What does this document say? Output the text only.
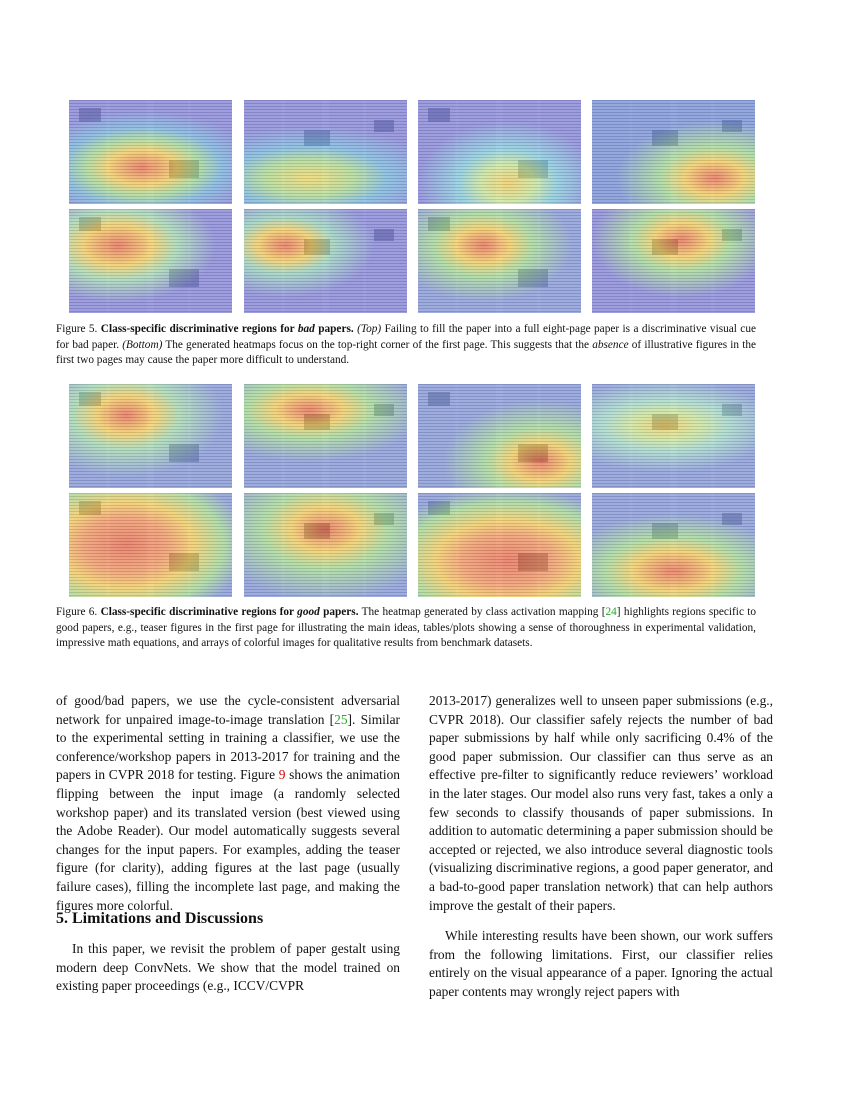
Figure 5. Class-specific discriminative regions for bad papers. (Top) Failing to fill the paper into a full eight-page paper is a discriminative visual cue for bad paper. (Bottom) The generated heatmaps focus on the top-right corner of the first page. This suggests that the absence of illustrative figures in the first two pages may cause the paper more difficult to understand.
Figure 6. Class-specific discriminative regions for good papers. The heatmap generated by class activation mapping [24] highlights regions specific to good papers, e.g., teaser figures in the first page for illustrating the main ideas, tables/plots showing a sense of thoroughness in experimental validation, impressive math equations, and arrays of colorful images for qualitative results from benchmark datasets.

of good/bad papers, we use the cycle-consistent adversarial network for unpaired image-to-image translation [25]. Similar to the experimental setting in training a classifier, we use the conference/workshop papers in 2013-2017 for training and the papers in CVPR 2018 for testing. Figure 9 shows the animation flipping between the input image (a randomly selected workshop paper) and its translated version (best viewed using the Adobe Reader). Our model automatically suggests several changes for the input papers. For examples, adding the teaser figure (for clarity), adding figures at the last page (usually failure cases), filling the incomplete last page, and making the figures more colorful.

5. Limitations and Discussions

In this paper, we revisit the problem of paper gestalt using modern deep ConvNets. We show that the model trained on existing paper proceedings (e.g., ICCV/CVPR

2013-2017) generalizes well to unseen paper submissions (e.g., CVPR 2018). Our classifier safely rejects the number of bad paper submissions by half while only sacrificing 0.4% of the good paper submission. Our classifier can thus serve as an effective pre-filter to significantly reduce reviewers’ workload in the later stages. Our model also runs very fast, takes a only a few seconds to classify thousands of paper submissions. In addition to automatic determining a paper submission should be accepted or rejected, we also introduce several diagnostic tools (visualizing discriminative regions, a good paper generator, and a bad-to-good paper translation network) that can help authors improve the gestalt of their papers.

While interesting results have been shown, our work suffers from the following limitations. First, our classifier relies entirely on the visual appearance of a paper. Ignoring the actual paper contents may wrongly reject papers with
